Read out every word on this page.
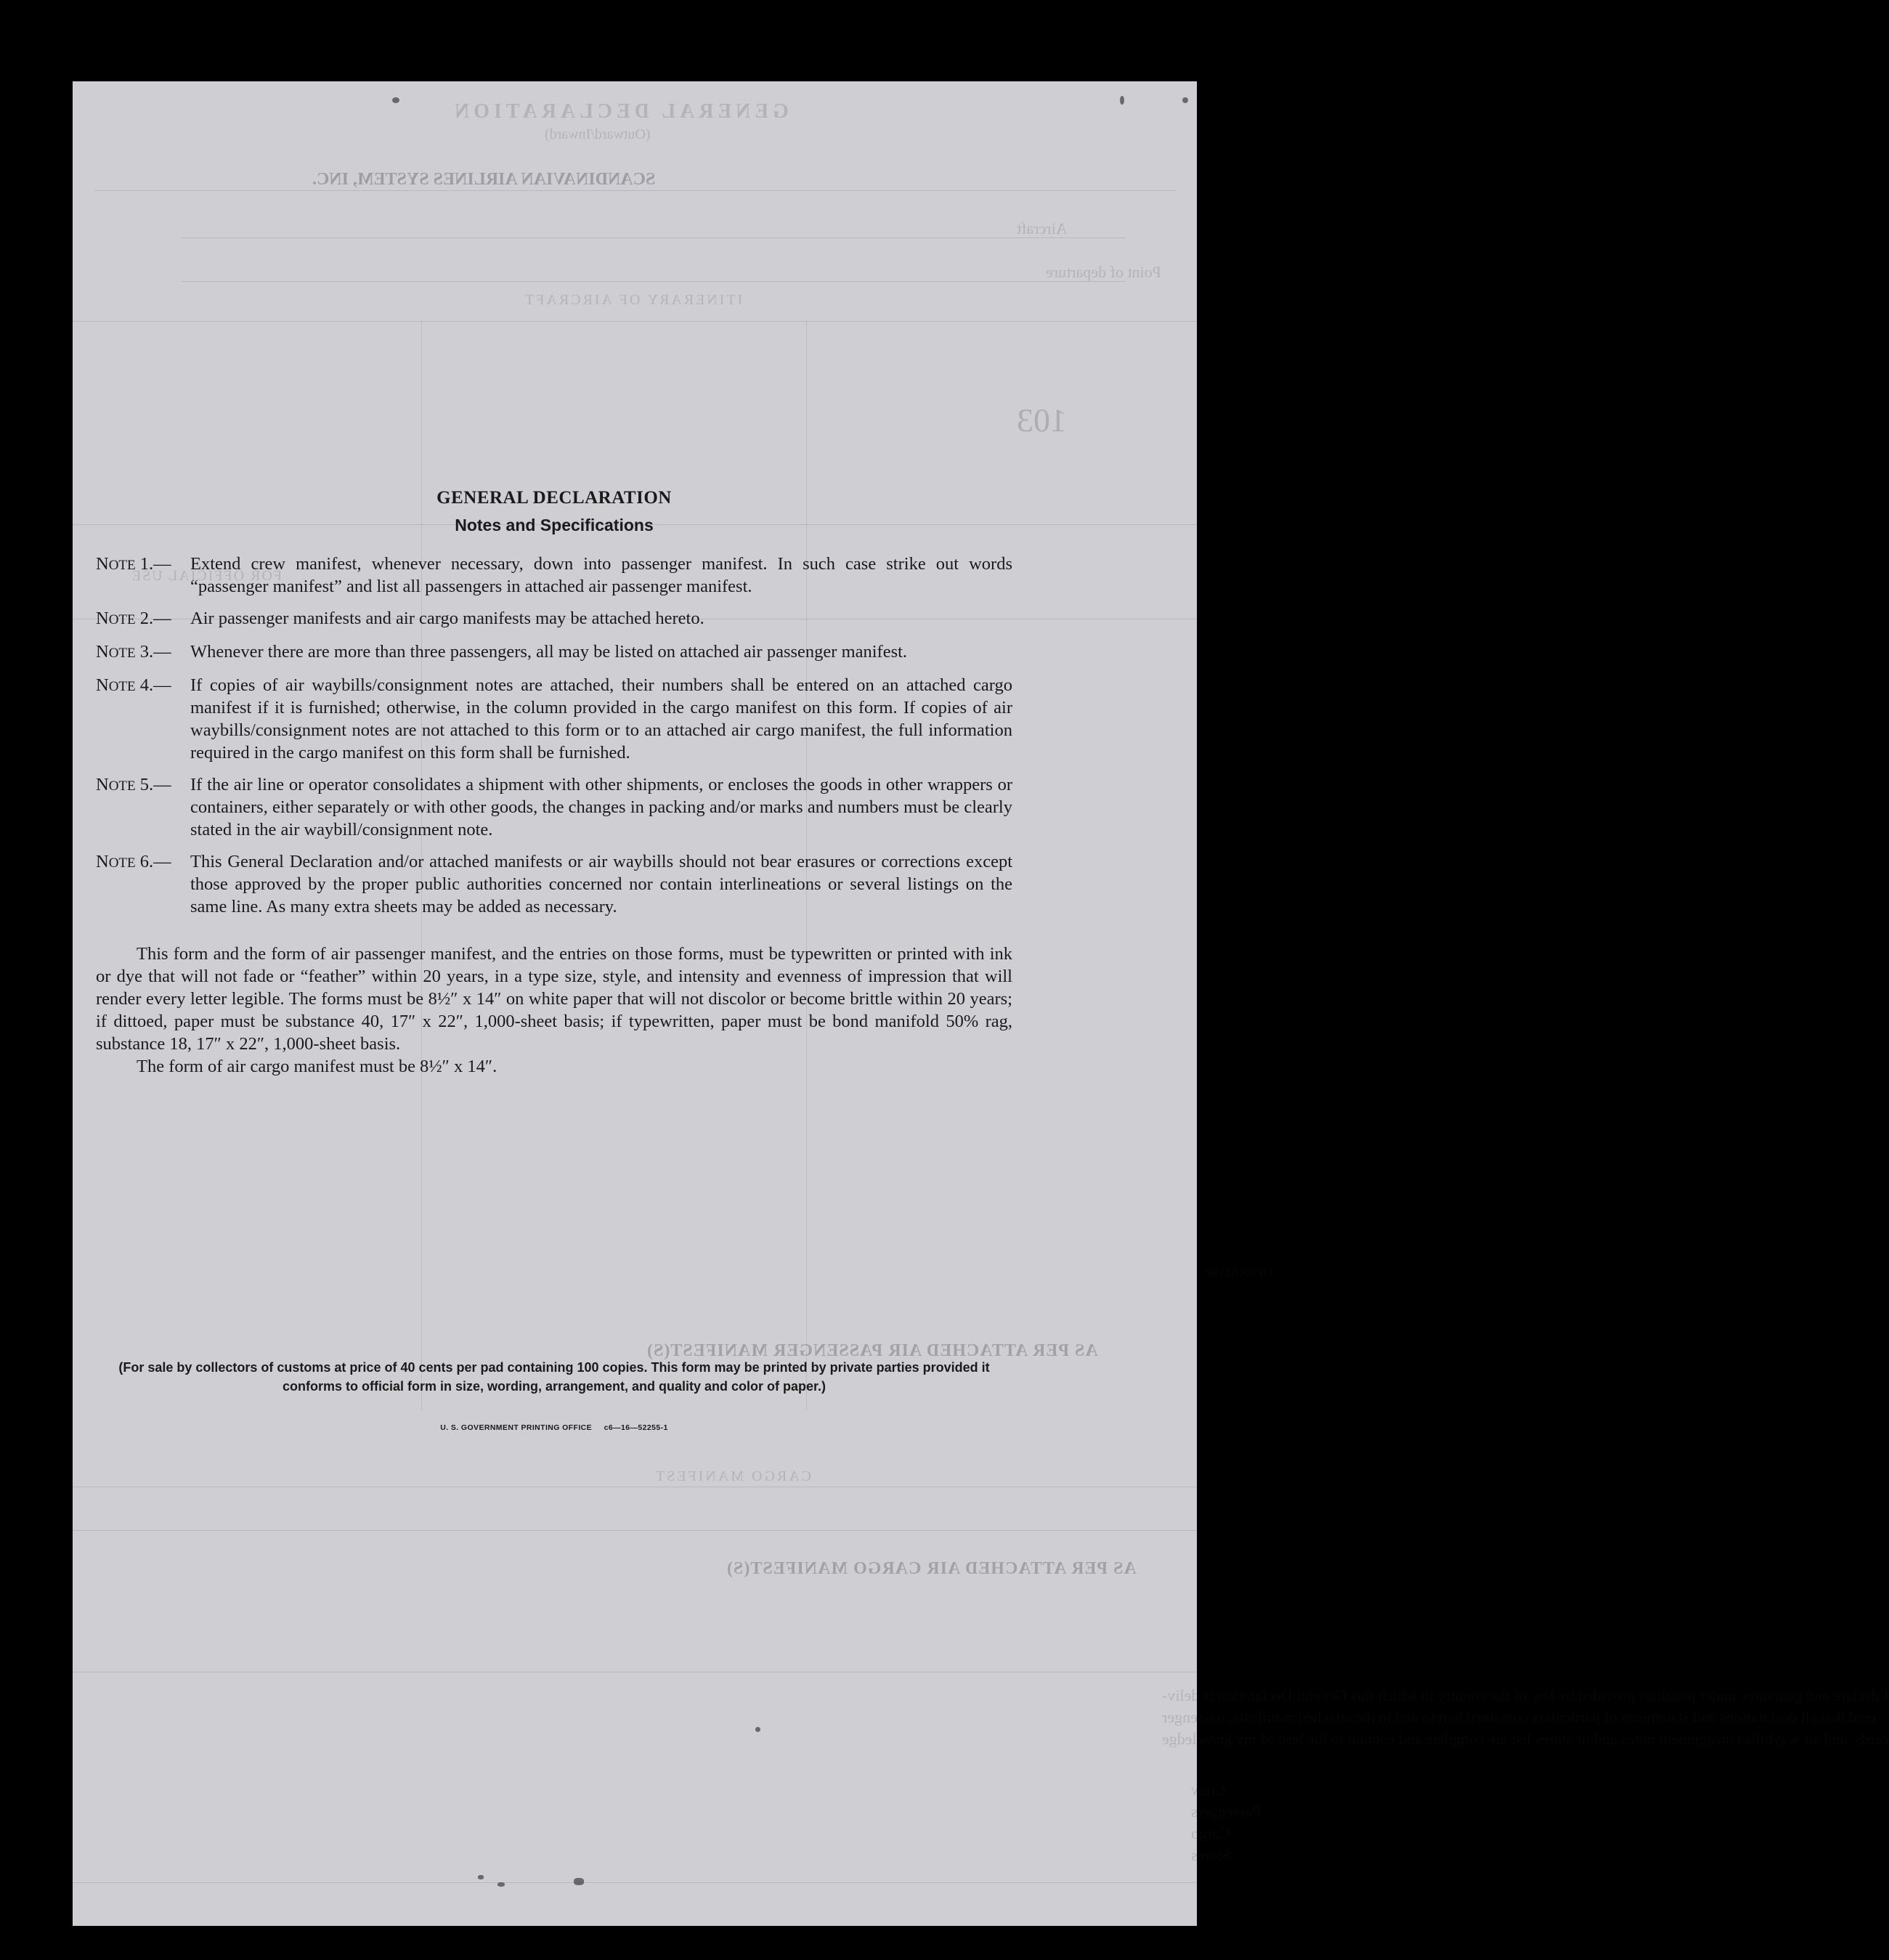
GENERAL DECLARATION
(Outward/Inward)
SCANDINAVIAN AIRLINES SYSTEM, INC.
Aircraft
Point of departure
ITINERARY OF AIRCRAFT
103
FOR OFFICIAL USE
OPERATOR
AS PER ATTACHED AIR PASSENGER MANIFEST(S)
CARGO MANIFEST
AS PER ATTACHED AIR CARGO MANIFEST(S)
I declare and guarantee under penalties provided by law of the country in which this General Declaration is deliv-
ered that all declarations and statements of particulars contained herein and in the attached manifests, passenger
cards, and air waybills/consignment notes and/or stores list are complete and contain to the best of my knowledge
Crew
Passengers
Cargo
Stores
GENERAL DECLARATION
Notes and Specifications
NOTE 1.—	Extend crew manifest, whenever necessary, down into passenger manifest. In such case strike out words “passenger manifest” and list all passengers in attached air passenger manifest.
NOTE 2.—	Air passenger manifests and air cargo manifests may be attached hereto.
NOTE 3.—	Whenever there are more than three passengers, all may be listed on attached air passenger manifest.
NOTE 4.—	If copies of air waybills/consignment notes are attached, their numbers shall be entered on an attached cargo manifest if it is furnished; otherwise, in the column provided in the cargo manifest on this form. If copies of air waybills/consignment notes are not attached to this form or to an attached air cargo manifest, the full information required in the cargo manifest on this form shall be furnished.
NOTE 5.—	If the air line or operator consolidates a shipment with other shipments, or encloses the goods in other wrappers or containers, either separately or with other goods, the changes in packing and/or marks and numbers must be clearly stated in the air waybill/consignment note.
NOTE 6.—	This General Declaration and/or attached manifests or air waybills should not bear erasures or corrections except those approved by the proper public authorities concerned nor contain interlineations or several listings on the same line. As many extra sheets may be added as necessary.
This form and the form of air passenger manifest, and the entries on those forms, must be typewritten or printed with ink or dye that will not fade or “feather” within 20 years, in a type size, style, and intensity and evenness of impression that will render every letter legible. The forms must be 8½″ x 14″ on white paper that will not discolor or become brittle within 20 years; if dittoed, paper must be substance 40, 17″ x 22″, 1,000-sheet basis; if typewritten, paper must be bond manifold 50% rag, substance 18, 17″ x 22″, 1,000-sheet basis.
The form of air cargo manifest must be 8½″ x 14″.
(For sale by collectors of customs at price of 40 cents per pad containing 100 copies. This form may be printed by private parties provided it conforms to official form in size, wording, arrangement, and quality and color of paper.)
U. S. GOVERNMENT PRINTING OFFICE     c6—16—52255-1
